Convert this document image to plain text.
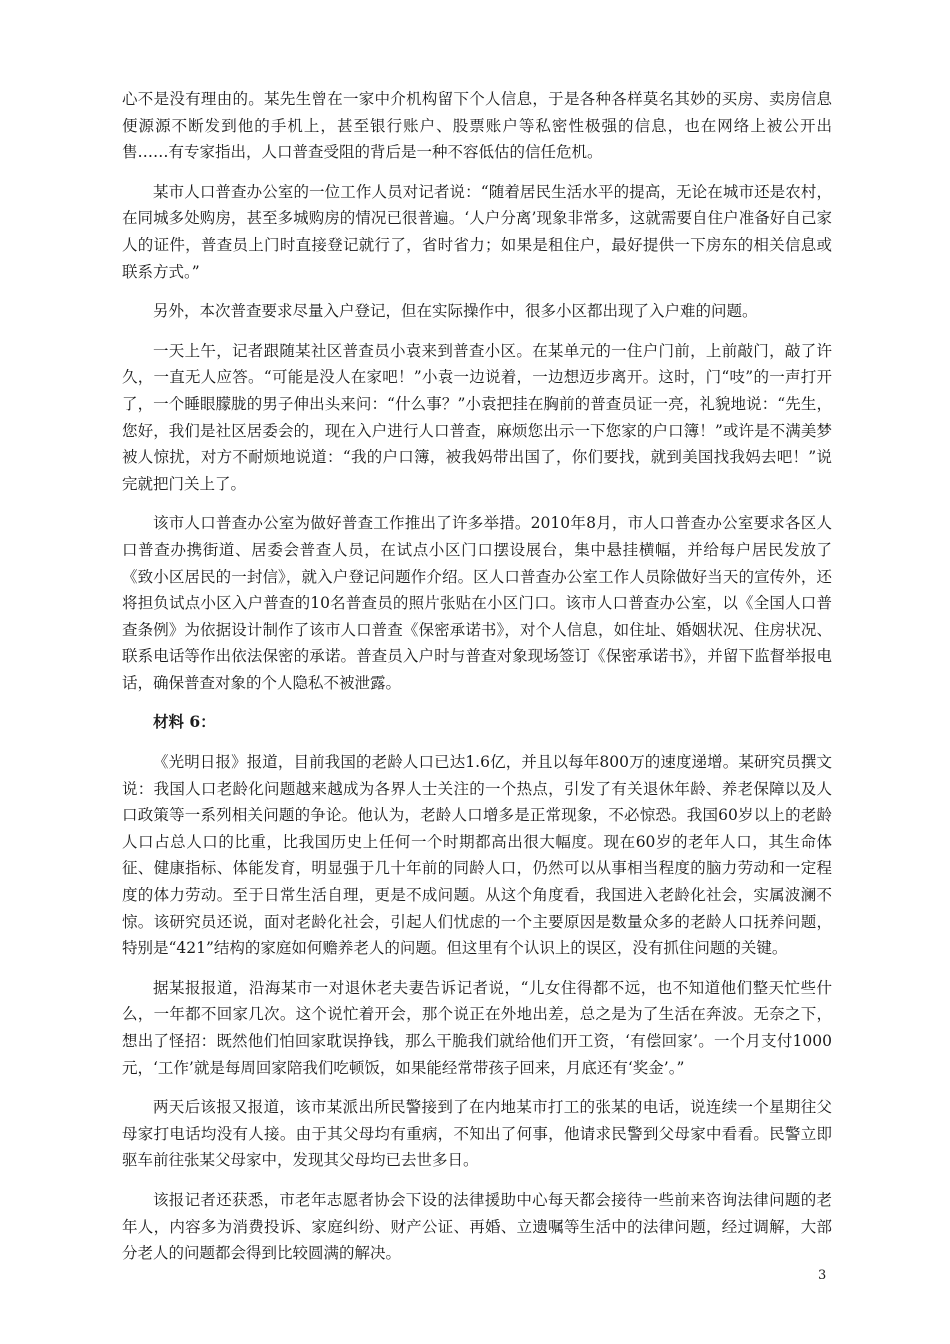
心不是没有理由的。某先生曾在一家中介机构留下个人信息，于是各种各样莫名其妙的买房、卖房信息便源源不断发到他的手机上，甚至银行账户、股票账户等私密性极强的信息，也在网络上被公开出售……有专家指出，人口普查受阻的背后是一种不容低估的信任危机。

某市人口普查办公室的一位工作人员对记者说：“随着居民生活水平的提高，无论在城市还是农村，在同城多处购房，甚至多城购房的情况已很普遍。‘人户分离’现象非常多，这就需要自住户准备好自己家人的证件，普查员上门时直接登记就行了，省时省力；如果是租住户，最好提供一下房东的相关信息或联系方式。”

另外，本次普查要求尽量入户登记，但在实际操作中，很多小区都出现了入户难的问题。

一天上午，记者跟随某社区普查员小袁来到普查小区。在某单元的一住户门前，上前敲门，敲了许久，一直无人应答。“可能是没人在家吧！”小袁一边说着，一边想迈步离开。这时，门“吱”的一声打开了，一个睡眼朦胧的男子伸出头来问：“什么事？”小袁把挂在胸前的普查员证一亮，礼貌地说：“先生，您好，我们是社区居委会的，现在入户进行人口普查，麻烦您出示一下您家的户口簿！”或许是不满美梦被人惊扰，对方不耐烦地说道：“我的户口簿，被我妈带出国了，你们要找，就到美国找我妈去吧！”说完就把门关上了。

该市人口普查办公室为做好普查工作推出了许多举措。2010年8月，市人口普查办公室要求各区人口普查办携街道、居委会普查人员，在试点小区门口摆设展台，集中悬挂横幅，并给每户居民发放了《致小区居民的一封信》，就入户登记问题作介绍。区人口普查办公室工作人员除做好当天的宣传外，还将担负试点小区入户普查的10名普查员的照片张贴在小区门口。该市人口普查办公室，以《全国人口普查条例》为依据设计制作了该市人口普查《保密承诺书》，对个人信息，如住址、婚姻状况、住房状况、联系电话等作出依法保密的承诺。普查员入户时与普查对象现场签订《保密承诺书》，并留下监督举报电话，确保普查对象的个人隐私不被泄露。

材料 6：

《光明日报》报道，目前我国的老龄人口已达1.6亿，并且以每年800万的速度递增。某研究员撰文说：我国人口老龄化问题越来越成为各界人士关注的一个热点，引发了有关退休年龄、养老保障以及人口政策等一系列相关问题的争论。他认为，老龄人口增多是正常现象，不必惊恐。我国60岁以上的老龄人口占总人口的比重，比我国历史上任何一个时期都高出很大幅度。现在60岁的老年人口，其生命体征、健康指标、体能发育，明显强于几十年前的同龄人口，仍然可以从事相当程度的脑力劳动和一定程度的体力劳动。至于日常生活自理，更是不成问题。从这个角度看，我国进入老龄化社会，实属波澜不惊。该研究员还说，面对老龄化社会，引起人们忧虑的一个主要原因是数量众多的老龄人口抚养问题，特别是“421”结构的家庭如何赡养老人的问题。但这里有个认识上的误区，没有抓住问题的关键。

据某报报道，沿海某市一对退休老夫妻告诉记者说，“儿女住得都不远，也不知道他们整天忙些什么，一年都不回家几次。这个说忙着开会，那个说正在外地出差，总之是为了生活在奔波。无奈之下，想出了怪招：既然他们怕回家耽误挣钱，那么干脆我们就给他们开工资，‘有偿回家’。一个月支付1000元，‘工作’就是每周回家陪我们吃顿饭，如果能经常带孩子回来，月底还有‘奖金’。”

两天后该报又报道，该市某派出所民警接到了在内地某市打工的张某的电话，说连续一个星期往父母家打电话均没有人接。由于其父母均有重病，不知出了何事，他请求民警到父母家中看看。民警立即驱车前往张某父母家中，发现其父母均已去世多日。

该报记者还获悉，市老年志愿者协会下设的法律援助中心每天都会接待一些前来咨询法律问题的老年人，内容多为消费投诉、家庭纠纷、财产公证、再婚、立遗嘱等生活中的法律问题，经过调解，大部分老人的问题都会得到比较圆满的解决。

3
